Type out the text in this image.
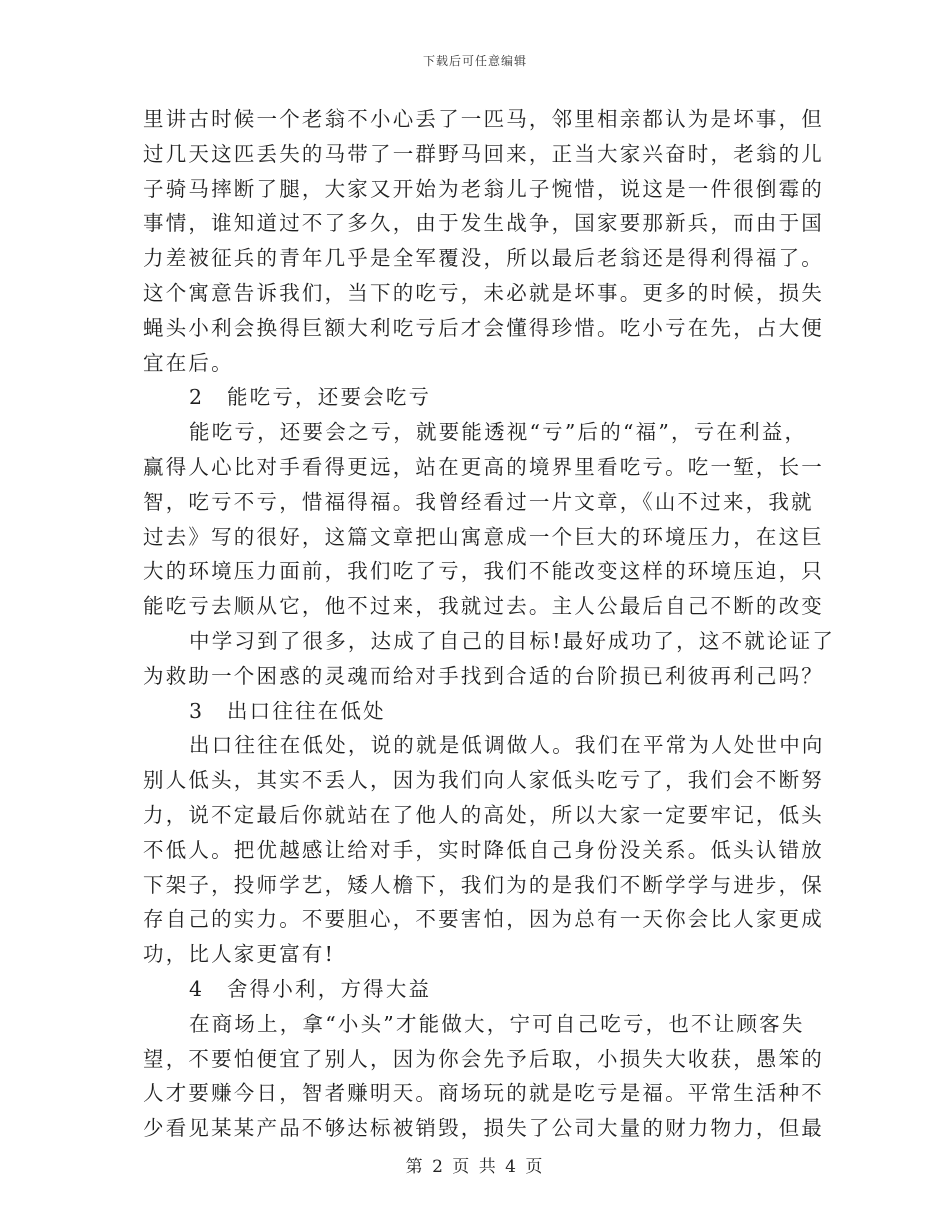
下载后可任意编辑
里讲古时候一个老翁不小心丢了一匹马，邻里相亲都认为是坏事，但
过几天这匹丢失的马带了一群野马回来，正当大家兴奋时，老翁的儿
子骑马摔断了腿，大家又开始为老翁儿子惋惜，说这是一件很倒霉的
事情，谁知道过不了多久，由于发生战争，国家要那新兵，而由于国
力差被征兵的青年几乎是全军覆没，所以最后老翁还是得利得福了。
这个寓意告诉我们，当下的吃亏，未必就是坏事。更多的时候，损失
蝇头小利会换得巨额大利吃亏后才会懂得珍惜。吃小亏在先，占大便
宜在后。
2　能吃亏，还要会吃亏
能吃亏，还要会之亏，就要能透视“亏”后的“福”，亏在利益，
赢得人心比对手看得更远，站在更高的境界里看吃亏。吃一堑，长一
智，吃亏不亏，惜福得福。我曾经看过一片文章，《山不过来，我就
过去》写的很好，这篇文章把山寓意成一个巨大的环境压力，在这巨
大的环境压力面前，我们吃了亏，我们不能改变这样的环境压迫，只
能吃亏去顺从它，他不过来，我就过去。主人公最后自己不断的改变
中学习到了很多，达成了自己的目标!最好成功了，这不就论证了
为救助一个困惑的灵魂而给对手找到合适的台阶损已利彼再利己吗？
3　出口往往在低处
出口往往在低处，说的就是低调做人。我们在平常为人处世中向
别人低头，其实不丢人，因为我们向人家低头吃亏了，我们会不断努
力，说不定最后你就站在了他人的高处，所以大家一定要牢记，低头
不低人。把优越感让给对手，实时降低自己身份没关系。低头认错放
下架子，投师学艺，矮人檐下，我们为的是我们不断学学与进步，保
存自己的实力。不要胆心，不要害怕，因为总有一天你会比人家更成
功，比人家更富有!
4　舍得小利，方得大益
在商场上，拿“小头”才能做大，宁可自己吃亏，也不让顾客失
望，不要怕便宜了别人，因为你会先予后取，小损失大收获，愚笨的
人才要赚今日，智者赚明天。商场玩的就是吃亏是福。平常生活种不
少看见某某产品不够达标被销毁，损失了公司大量的财力物力，但最
第 2 页 共 4 页
